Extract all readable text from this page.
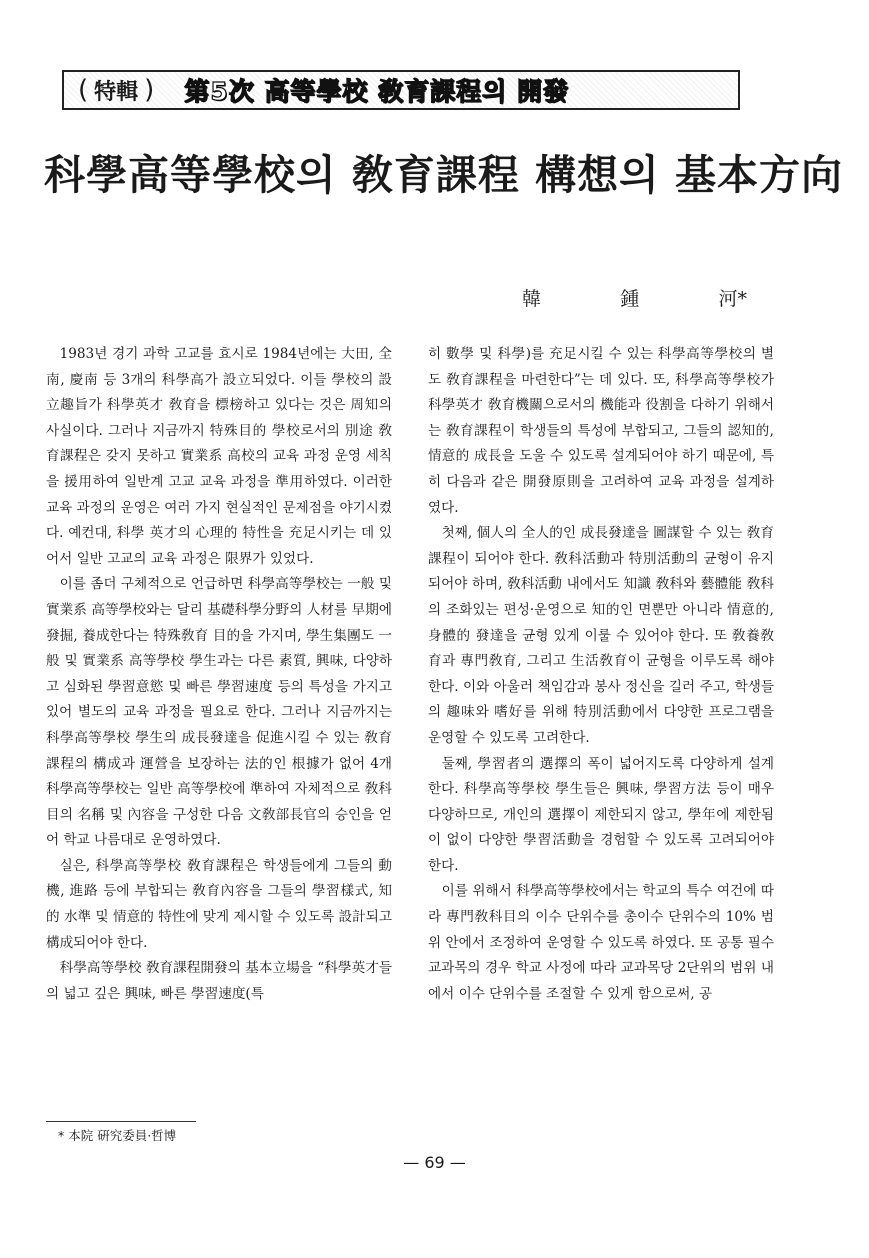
( 特輯 ) 第5次 高等學校 敎育課程의 開發
科學高等學校의 敎育課程 構想의 基本方向
韓	鍾	河*

1983년 경기 과학 고교를 효시로 1984년에는 大田, 全南, 慶南 등 3개의 科學高가 設立되었다. 이들 學校의 設立趣旨가 科學英才 敎育을 標榜하고 있다는 것은 周知의 사실이다. 그러나 지금까지 特殊目的 學校로서의 別途 敎育課程은 갖지 못하고 實業系 高校의 교육 과정 운영 세칙을 援用하여 일반계 고교 교육 과정을 準用하였다. 이러한 교육 과정의 운영은 여러 가지 현실적인 문제점을 야기시켰다. 예컨대, 科學 英才의 心理的 特性을 充足시키는 데 있어서 일반 고교의 교육 과정은 限界가 있었다.

이를 좀더 구체적으로 언급하면 科學高等學校는 一般 및 實業系 高等學校와는 달리 基礎科學分野의 人材를 早期에 發掘, 養成한다는 特殊敎育 目的을 가지며, 學生集團도 一般 및 實業系 高等學校 學生과는 다른 素質, 興味, 다양하고 심화된 學習意慾 및 빠른 學習速度 등의 특성을 가지고 있어 별도의 교육 과정을 필요로 한다. 그러나 지금까지는 科學高等學校 學生의 成長發達을 促進시킬 수 있는 敎育課程의 構成과 運營을 보장하는 法的인 根據가 없어 4개 科學高等學校는 일반 高等學校에 準하여 자체적으로 敎科目의 名稱 및 內容을 구성한 다음 文敎部長官의 승인을 얻어 학교 나름대로 운영하였다.

실은, 科學高等學校 敎育課程은 학생들에게 그들의 動機, 進路 등에 부합되는 敎育內容을 그들의 學習樣式, 知的 水準 및 情意的 特性에 맞게 제시할 수 있도록 設計되고 構成되어야 한다.

科學高等學校 敎育課程開發의 基本立場을 “科學英才들의 넓고 깊은 興味, 빠른 學習速度(특

히 數學 및 科學)를 充足시킬 수 있는 科學高等學校의 별도 敎育課程을 마련한다”는 데 있다. 또, 科學高等學校가 科學英才 敎育機關으로서의 機能과 役割을 다하기 위해서는 敎育課程이 학생들의 특성에 부합되고, 그들의 認知的, 情意的 成長을 도울 수 있도록 설계되어야 하기 때문에, 특히 다음과 같은 開發原則을 고려하여 교육 과정을 설계하였다.

첫째, 個人의 全人的인 成長發達을 圖謀할 수 있는 敎育課程이 되어야 한다. 敎科活動과 特別活動의 균형이 유지되어야 하며, 敎科活動 내에서도 知識 敎科와 藝體能 敎科의 조화있는 편성·운영으로 知的인 면뿐만 아니라 情意的, 身體的 發達을 균형 있게 이룰 수 있어야 한다. 또 敎養敎育과 專門敎育, 그리고 生活敎育이 균형을 이루도록 해야 한다. 이와 아울러 책임감과 봉사 정신을 길러 주고, 학생들의 趣味와 嗜好를 위해 特別活動에서 다양한 프로그램을 운영할 수 있도록 고려한다.

둘째, 學習者의 選擇의 폭이 넓어지도록 다양하게 설계한다. 科學高等學校 學生들은 興味, 學習方法 등이 매우 다양하므로, 개인의 選擇이 제한되지 않고, 學年에 제한됨이 없이 다양한 學習活動을 경험할 수 있도록 고려되어야 한다.

이를 위해서 科學高等學校에서는 학교의 특수 여건에 따라 專門敎科目의 이수 단위수를 총이수 단위수의 10% 범위 안에서 조정하여 운영할 수 있도록 하였다. 또 공통 필수 교과목의 경우 학교 사정에 따라 교과목당 2단위의 범위 내에서 이수 단위수를 조절할 수 있게 함으로써, 공

* 本院 硏究委員·哲博
— 69 —
